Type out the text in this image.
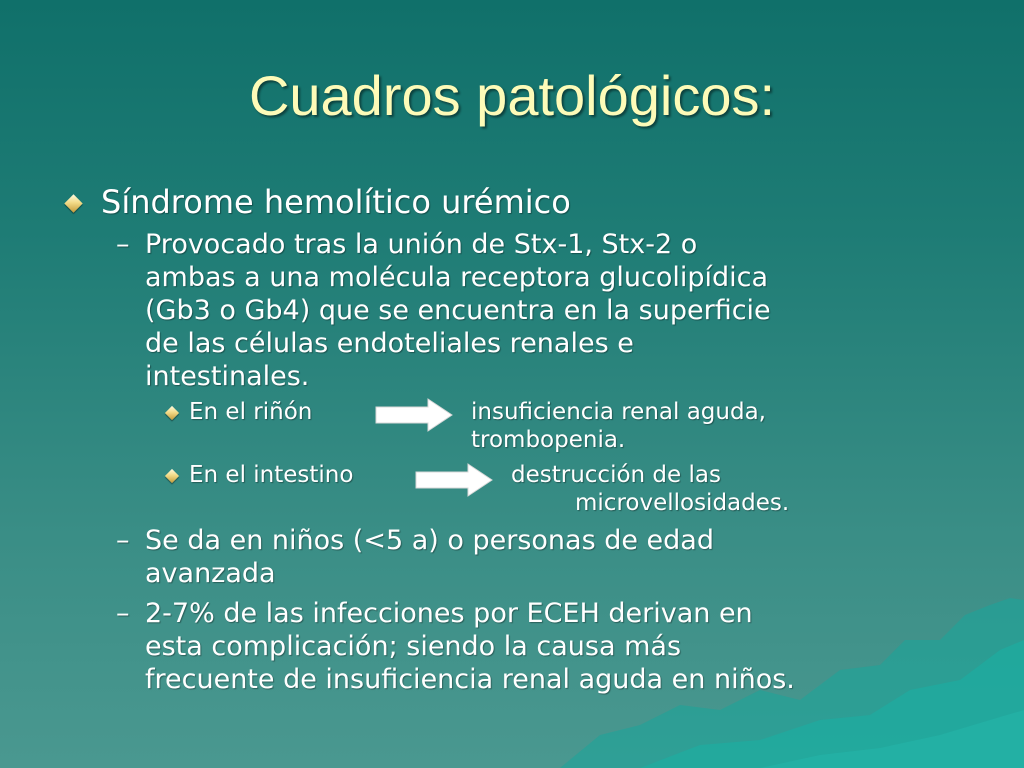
Cuadros patológicos:
Síndrome hemolítico urémico
– Provocado tras la unión de Stx-1, Stx-2 o
ambas a una molécula receptora glucolipídica
(Gb3 o Gb4) que se encuentra en la superficie
de las células endoteliales renales e
intestinales.
En el riñón	insuficiencia renal aguda,
trombopenia.
En el intestino	destrucción de las
microvellosidades.
– Se da en niños (<5 a) o personas de edad
avanzada
– 2-7% de las infecciones por ECEH derivan en
esta complicación; siendo la causa más
frecuente de insuficiencia renal aguda en niños.
